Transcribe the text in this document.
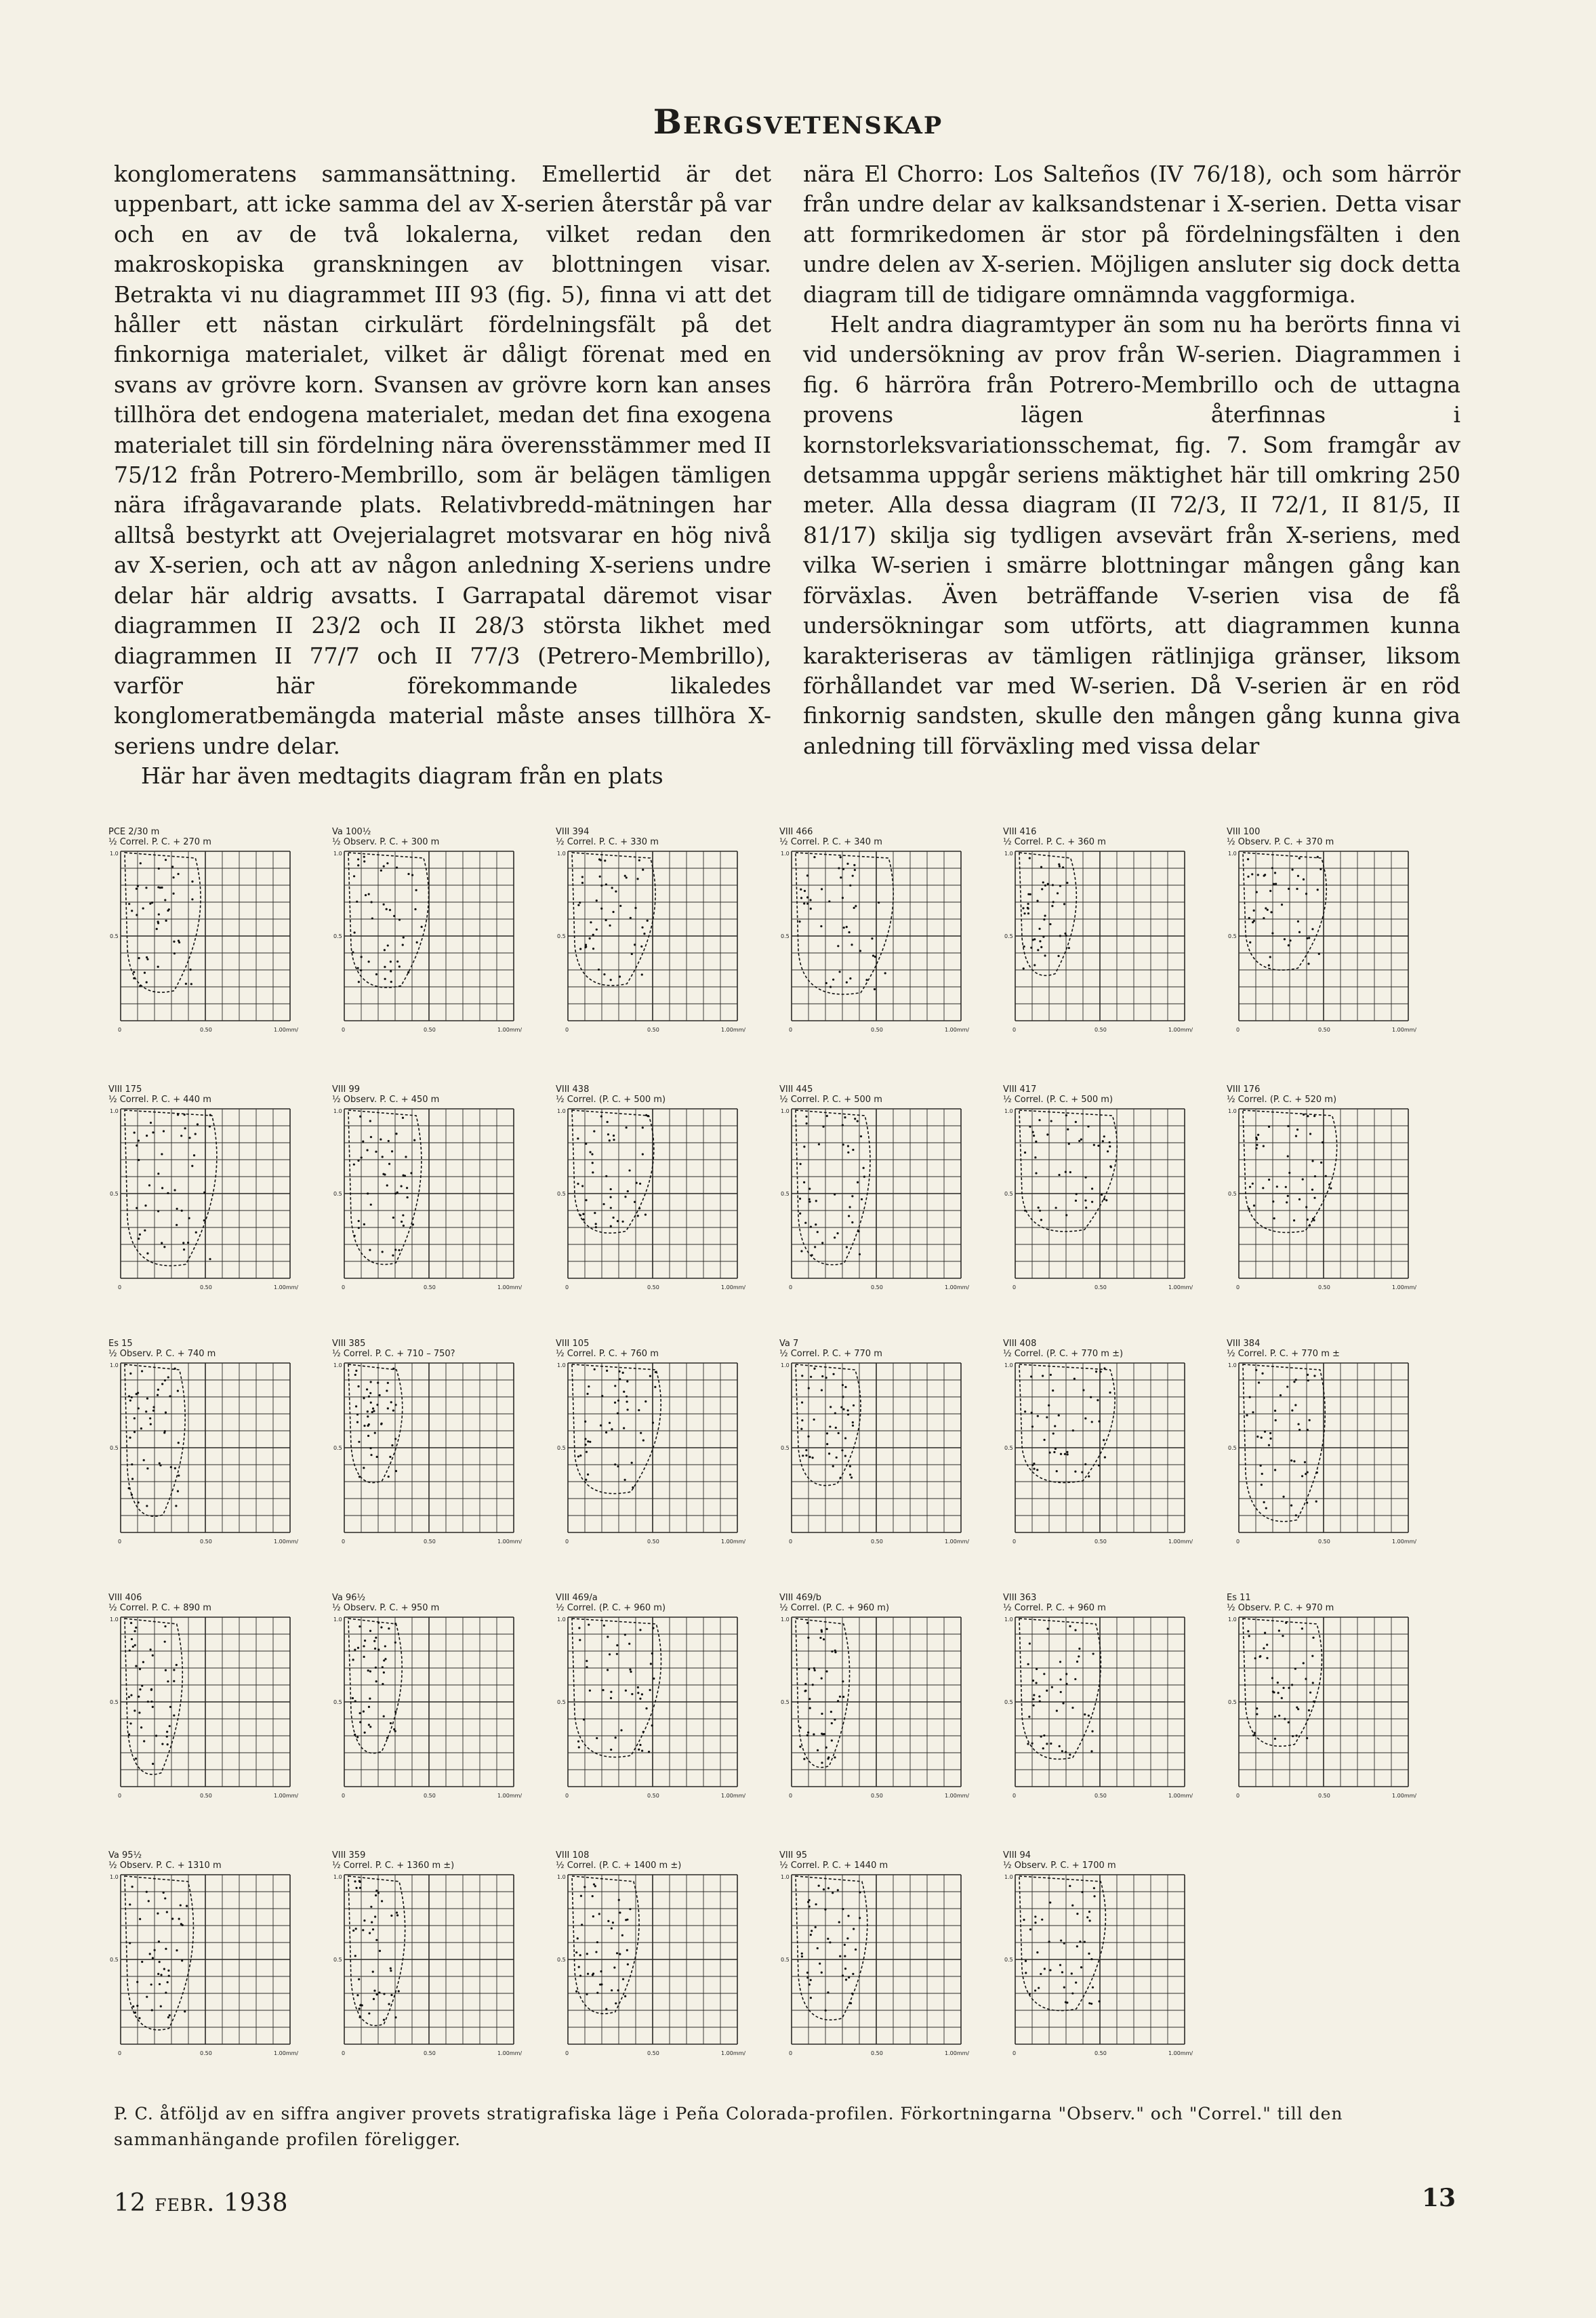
Bergsvetenskap

konglomeratens sammansättning. Emellertid är det uppenbart, att icke samma del av X-serien återstår på var och en av de två lokalerna, vilket redan den makroskopiska granskningen av blottningen visar. Betrakta vi nu diagrammet III 93 (fig. 5), finna vi att det håller ett nästan cirkulärt fördelningsfält på det finkorniga materialet, vilket är dåligt förenat med en svans av grövre korn. Svansen av grövre korn kan anses tillhöra det endogena materialet, medan det fina exogena materialet till sin fördelning nära överensstämmer med II 75/12 från Potrero-Membrillo, som är belägen tämligen nära ifrågavarande plats. Relativbredd-mätningen har alltså bestyrkt att Ovejerialagret motsvarar en hög nivå av X-serien, och att av någon anledning X-seriens undre delar här aldrig avsatts. I Garrapatal däremot visar diagrammen II 23/2 och II 28/3 största likhet med diagrammen II 77/7 och II 77/3 (Petrero-Membrillo), varför här förekommande likaledes konglomeratbemängda material måste anses tillhöra X-seriens undre delar.

Här har även medtagits diagram från en plats

nära El Chorro: Los Salteños (IV 76/18), och som härrör från undre delar av kalksandstenar i X-serien. Detta visar att formrikedomen är stor på fördelningsfälten i den undre delen av X-serien. Möjligen ansluter sig dock detta diagram till de tidigare omnämnda vaggformiga.

Helt andra diagramtyper än som nu ha berörts finna vi vid undersökning av prov från W-serien. Diagrammen i fig. 6 härröra från Potrero-Membrillo och de uttagna provens lägen återfinnas i kornstorleksvariationsschemat, fig. 7. Som framgår av detsamma uppgår seriens mäktighet här till omkring 250 meter. Alla dessa diagram (II 72/3, II 72/1, II 81/5, II 81/17) skilja sig tydligen avsevärt från X-seriens, med vilka W-serien i smärre blottningar mången gång kan förväxlas. Även beträffande V-serien visa de få undersökningar som utförts, att diagrammen kunna karakteriseras av tämligen rätlinjiga gränser, liksom förhållandet var med W-serien. Då V-serien är en röd finkornig sandsten, skulle den mången gång kunna giva anledning till förväxling med vissa delar

PCE 2/30 m
½ Correl. P. C. + 270 m
1.0
0.5
0	0.50	1.00mm/
Va 100½
½ Observ. P. C. + 300 m
1.0
0.5
0	0.50	1.00mm/
VIII 394
½ Correl. P. C. + 330 m
1.0
0.5
0	0.50	1.00mm/
VIII 466
½ Correl. P. C. + 340 m
1.0
0.5
0	0.50	1.00mm/
VIII 416
½ Correl. P. C. + 360 m
1.0
0.5
0	0.50	1.00mm/
VIII 100
½ Observ. P. C. + 370 m
1.0
0.5
0	0.50	1.00mm/
VIII 175
½ Correl. P. C. + 440 m
1.0
0.5
0	0.50	1.00mm/
VIII 99
½ Observ. P. C. + 450 m
1.0
0.5
0	0.50	1.00mm/
VIII 438
½ Correl. (P. C. + 500 m)
1.0
0.5
0	0.50	1.00mm/
VIII 445
½ Correl. P. C. + 500 m
1.0
0.5
0	0.50	1.00mm/
VIII 417
½ Correl. (P. C. + 500 m)
1.0
0.5
0	0.50	1.00mm/
VIII 176
½ Correl. (P. C. + 520 m)
1.0
0.5
0	0.50	1.00mm/
Es 15
½ Observ. P. C. + 740 m
1.0
0.5
0	0.50	1.00mm/
VIII 385
½ Correl. P. C. + 710 – 750?
1.0
0.5
0	0.50	1.00mm/
VIII 105
½ Correl. P. C. + 760 m
1.0
0.5
0	0.50	1.00mm/
Va 7
½ Correl. P. C. + 770 m
1.0
0.5
0	0.50	1.00mm/
VIII 408
½ Correl. (P. C. + 770 m ±)
1.0
0.5
0	0.50	1.00mm/
VIII 384
½ Correl. P. C. + 770 m ±
1.0
0.5
0	0.50	1.00mm/
VIII 406
½ Correl. P. C. + 890 m
1.0
0.5
0	0.50	1.00mm/
Va 96½
½ Observ. P. C. + 950 m
1.0
0.5
0	0.50	1.00mm/
VIII 469/a
½ Correl. (P. C. + 960 m)
1.0
0.5
0	0.50	1.00mm/
VIII 469/b
½ Correl. (P. C. + 960 m)
1.0
0.5
0	0.50	1.00mm/
VIII 363
½ Correl. P. C. + 960 m
1.0
0.5
0	0.50	1.00mm/
Es 11
½ Observ. P. C. + 970 m
1.0
0.5
0	0.50	1.00mm/
Va 95½
½ Observ. P. C. + 1310 m
1.0
0.5
0	0.50	1.00mm/
VIII 359
½ Correl. P. C. + 1360 m ±)
1.0
0.5
0	0.50	1.00mm/
VIII 108
½ Correl. (P. C. + 1400 m ±)
1.0
0.5
0	0.50	1.00mm/
VIII 95
½ Correl. P. C. + 1440 m
1.0
0.5
0	0.50	1.00mm/
VIII 94
½ Observ. P. C. + 1700 m
1.0
0.5
0	0.50	1.00mm/
P. C. åtföljd av en siffra angiver provets stratigrafiska läge i Peña Colorada-profilen. Förkortningarna "Observ." och "Correl." till den sammanhängande profilen föreligger.
12 febr. 1938	13
